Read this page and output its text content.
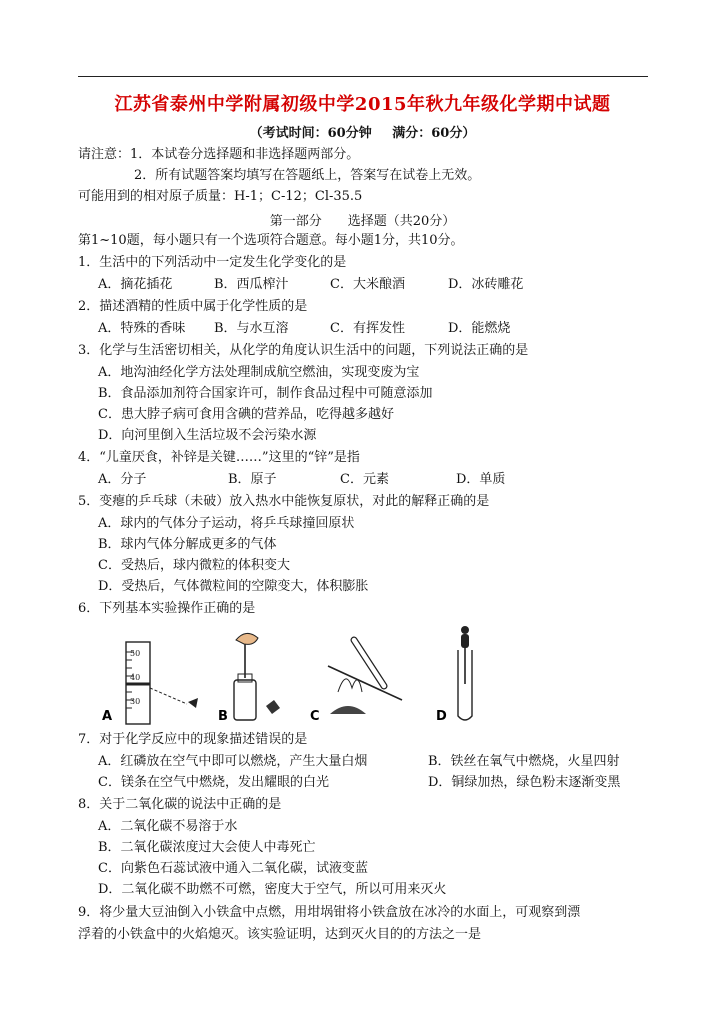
江苏省泰州中学附属初级中学2015年秋九年级化学期中试题
（考试时间：60分钟 满分：60分）
请注意：1．本试卷分选择题和非选择题两部分。
2．所有试题答案均填写在答题纸上，答案写在试卷上无效。
可能用到的相对原子质量：H-1；C-12；Cl-35.5
第一部分　　选择题（共20分）
第1~10题，每小题只有一个选项符合题意。每小题1分，共10分。
1．生活中的下列活动中一定发生化学变化的是
A．摘花插花	B．西瓜榨汁	C．大米酿酒	D．冰砖雕花
2．描述酒精的性质中属于化学性质的是
A．特殊的香味 B．与水互溶	C．有挥发性	D．能燃烧
3．化学与生活密切相关，从化学的角度认识生活中的问题，下列说法正确的是
A．地沟油经化学方法处理制成航空燃油，实现变废为宝
B．食品添加剂符合国家许可，制作食品过程中可随意添加
C．患大脖子病可食用含碘的营养品，吃得越多越好
D．向河里倒入生活垃圾不会污染水源
4．“儿童厌食，补锌是关键……”这里的“锌”是指
A．分子	B．原子	C．元素	D．单质
5．变瘪的乒乓球（未破）放入热水中能恢复原状，对此的解释正确的是
A．球内的气体分子运动，将乒乓球撞回原状
B．球内气体分解成更多的气体
C．受热后，球内微粒的体积变大
D．受热后，气体微粒间的空隙变大，体积膨胀
6．下列基本实验操作正确的是
50
40
30
A	B	C	D
7．对于化学反应中的现象描述错误的是
A．红磷放在空气中即可以燃烧，产生大量白烟	B．铁丝在氧气中燃烧，火星四射
C．镁条在空气中燃烧，发出耀眼的白光	D．铜绿加热，绿色粉末逐渐变黑
8．关于二氧化碳的说法中正确的是
A．二氧化碳不易溶于水
B．二氧化碳浓度过大会使人中毒死亡
C．向紫色石蕊试液中通入二氧化碳，试液变蓝
D．二氧化碳不助燃不可燃，密度大于空气，所以可用来灭火
9．将少量大豆油倒入小铁盒中点燃，用坩埚钳将小铁盒放在冰冷的水面上，可观察到漂
浮着的小铁盒中的火焰熄灭。该实验证明，达到灭火目的的方法之一是
